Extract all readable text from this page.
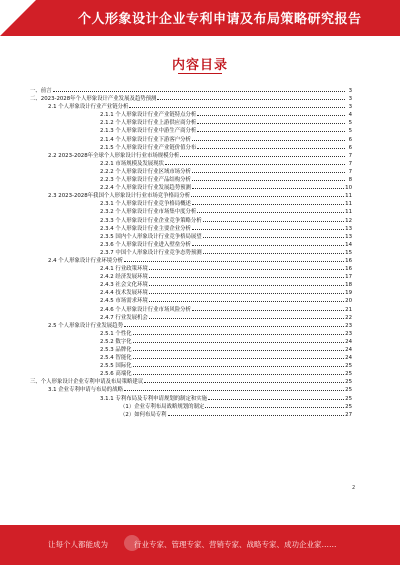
个人形象设计企业专利申请及布局策略研究报告
内容目录
一、前言	3
二、2023-2028年个人形象设计产业发展及趋势预测	3
2.1 个人形象设计行业产业链分析	3
2.1.1 个人形象设计行业产业链特点分析	4
2.1.2 个人形象设计行业上游供应商分析	5
2.1.3 个人形象设计行业中游生产商分析	5
2.1.4 个人形象设计行业下游客户分析	6
2.1.5 个人形象设计行业产业链价值分布	6
2.2 2023-2028年全球个人形象设计行业市场规模分析	7
2.2.1 市场规模及发展现状	7
2.2.2 个人形象设计行业区域市场分析	7
2.2.3 个人形象设计行业产品结构分析	8
2.2.4 个人形象设计行业发展趋势预测	10
2.3 2023-2028年我国个人形象设计行业市场竞争格局分析	11
2.3.1 个人形象设计行业竞争格局概述	11
2.3.2 个人形象设计行业市场集中度分析	11
2.3.3 个人形象设计行业企业竞争策略分析	12
2.3.4 个人形象设计行业主要企业分析	13
2.3.5 国内个人形象设计行业竞争格局展望	13
2.3.6 个人形象设计行业进入壁垒分析	14
2.3.7 中国个人形象设计行业竞争态势预测	15
2.4 个人形象设计行业环境分析	16
2.4.1 行业政策环境	16
2.4.2 经济发展环境	17
2.4.3 社会文化环境	18
2.4.4 技术发展环境	19
2.4.5 市场需求环境	20
2.4.6 个人形象设计行业市场风险分析	21
2.4.7 行业发展机会	22
2.5 个人形象设计行业发展趋势	23
2.5.1 个性化	23
2.5.2 数字化	24
2.5.3 品牌化	24
2.5.4 智能化	24
2.5.5 国际化	25
2.5.6 高端化	25
三、个人形象设计企业专利申请及布局策略建议	25
3.1 企业专利申请与布局的战略	25
3.1.1 专利布局及专利申请规划的制定和实施	25
（1）企业专利布局战略规划的制定	25
（2）如何布局专利	27
2
让每个人都能成为	行业专家、管理专家、营销专家、战略专家、成功企业家……
